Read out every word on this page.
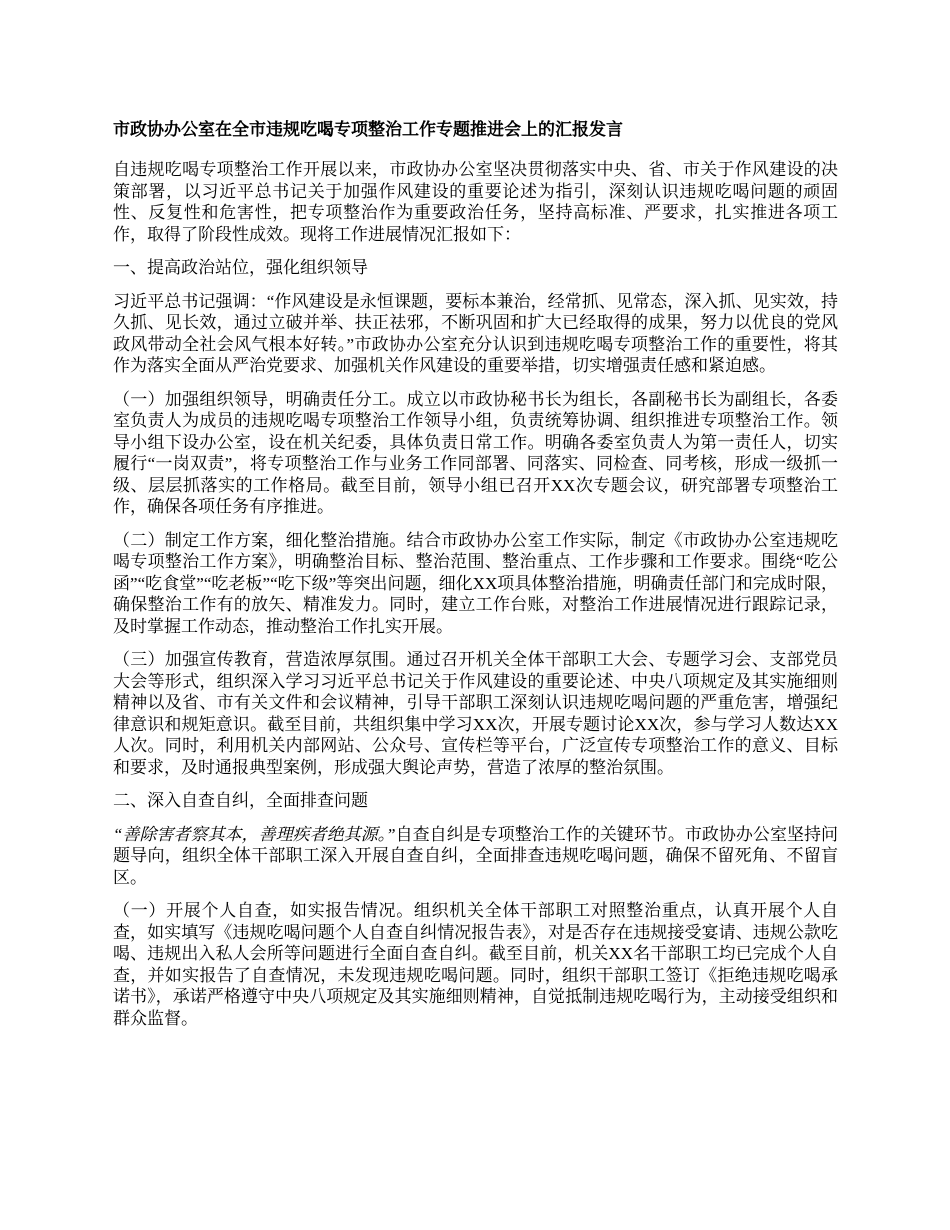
市政协办公室在全市违规吃喝专项整治工作专题推进会上的汇报发言

自违规吃喝专项整治工作开展以来，市政协办公室坚决贯彻落实中央、省、市关于作风建设的决策部署，以习近平总书记关于加强作风建设的重要论述为指引，深刻认识违规吃喝问题的顽固性、反复性和危害性，把专项整治作为重要政治任务，坚持高标准、严要求，扎实推进各项工作，取得了阶段性成效。现将工作进展情况汇报如下：

一、提高政治站位，强化组织领导

习近平总书记强调：“作风建设是永恒课题，要标本兼治，经常抓、见常态，深入抓、见实效，持久抓、见长效，通过立破并举、扶正祛邪，不断巩固和扩大已经取得的成果，努力以优良的党风政风带动全社会风气根本好转。”市政协办公室充分认识到违规吃喝专项整治工作的重要性，将其作为落实全面从严治党要求、加强机关作风建设的重要举措，切实增强责任感和紧迫感。

（一）加强组织领导，明确责任分工。成立以市政协秘书长为组长，各副秘书长为副组长，各委室负责人为成员的违规吃喝专项整治工作领导小组，负责统筹协调、组织推进专项整治工作。领导小组下设办公室，设在机关纪委，具体负责日常工作。明确各委室负责人为第一责任人，切实履行“一岗双责”，将专项整治工作与业务工作同部署、同落实、同检查、同考核，形成一级抓一级、层层抓落实的工作格局。截至目前，领导小组已召开XX次专题会议，研究部署专项整治工作，确保各项任务有序推进。

（二）制定工作方案，细化整治措施。结合市政协办公室工作实际，制定《市政协办公室违规吃喝专项整治工作方案》，明确整治目标、整治范围、整治重点、工作步骤和工作要求。围绕“吃公函”“吃食堂”“吃老板”“吃下级”等突出问题，细化XX项具体整治措施，明确责任部门和完成时限，确保整治工作有的放矢、精准发力。同时，建立工作台账，对整治工作进展情况进行跟踪记录，及时掌握工作动态，推动整治工作扎实开展。

（三）加强宣传教育，营造浓厚氛围。通过召开机关全体干部职工大会、专题学习会、支部党员大会等形式，组织深入学习习近平总书记关于作风建设的重要论述、中央八项规定及其实施细则精神以及省、市有关文件和会议精神，引导干部职工深刻认识违规吃喝问题的严重危害，增强纪律意识和规矩意识。截至目前，共组织集中学习XX次，开展专题讨论XX次，参与学习人数达XX人次。同时，利用机关内部网站、公众号、宣传栏等平台，广泛宣传专项整治工作的意义、目标和要求，及时通报典型案例，形成强大舆论声势，营造了浓厚的整治氛围。

二、深入自查自纠，全面排查问题

“善除害者察其本，善理疾者绝其源。”自查自纠是专项整治工作的关键环节。市政协办公室坚持问题导向，组织全体干部职工深入开展自查自纠，全面排查违规吃喝问题，确保不留死角、不留盲区。

（一）开展个人自查，如实报告情况。组织机关全体干部职工对照整治重点，认真开展个人自查，如实填写《违规吃喝问题个人自查自纠情况报告表》，对是否存在违规接受宴请、违规公款吃喝、违规出入私人会所等问题进行全面自查自纠。截至目前，机关XX名干部职工均已完成个人自查，并如实报告了自查情况，未发现违规吃喝问题。同时，组织干部职工签订《拒绝违规吃喝承诺书》，承诺严格遵守中央八项规定及其实施细则精神，自觉抵制违规吃喝行为，主动接受组织和群众监督。
